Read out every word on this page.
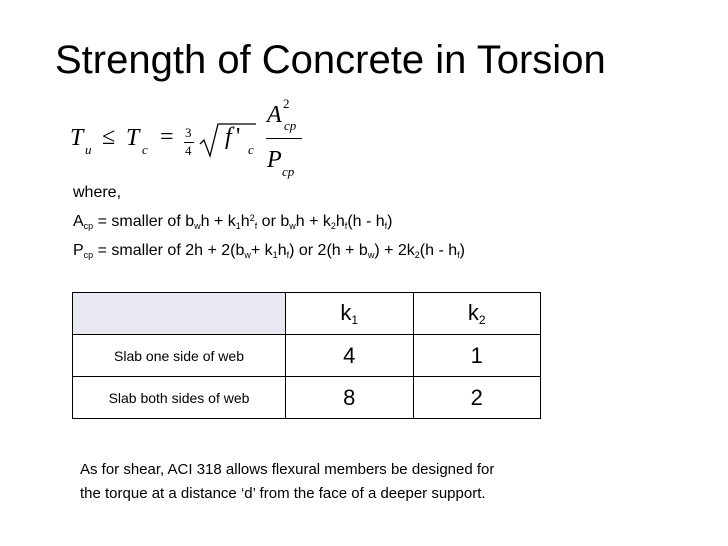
Strength of Concrete in Torsion
T u ≤ T c = 3
4
f ' c
A 2
cp
P cp
where,
$A_{cp}$ = smaller of $b_wh + k_1h^2_f$ or $b_wh + k_2h_f(h - h_f)$
$P_{cp}$ = smaller of $2h + 2(b_w+ k_1h_f)$ or $2(h + b_w) + 2k_2(h - h_f)$
	$k_1$	$k_2$
Slab one side of web	4	1
Slab both sides of web	8	2
As for shear, ACI 318 allows flexural members be designed for
the torque at a distance ‘d’ from the face of a deeper support.
